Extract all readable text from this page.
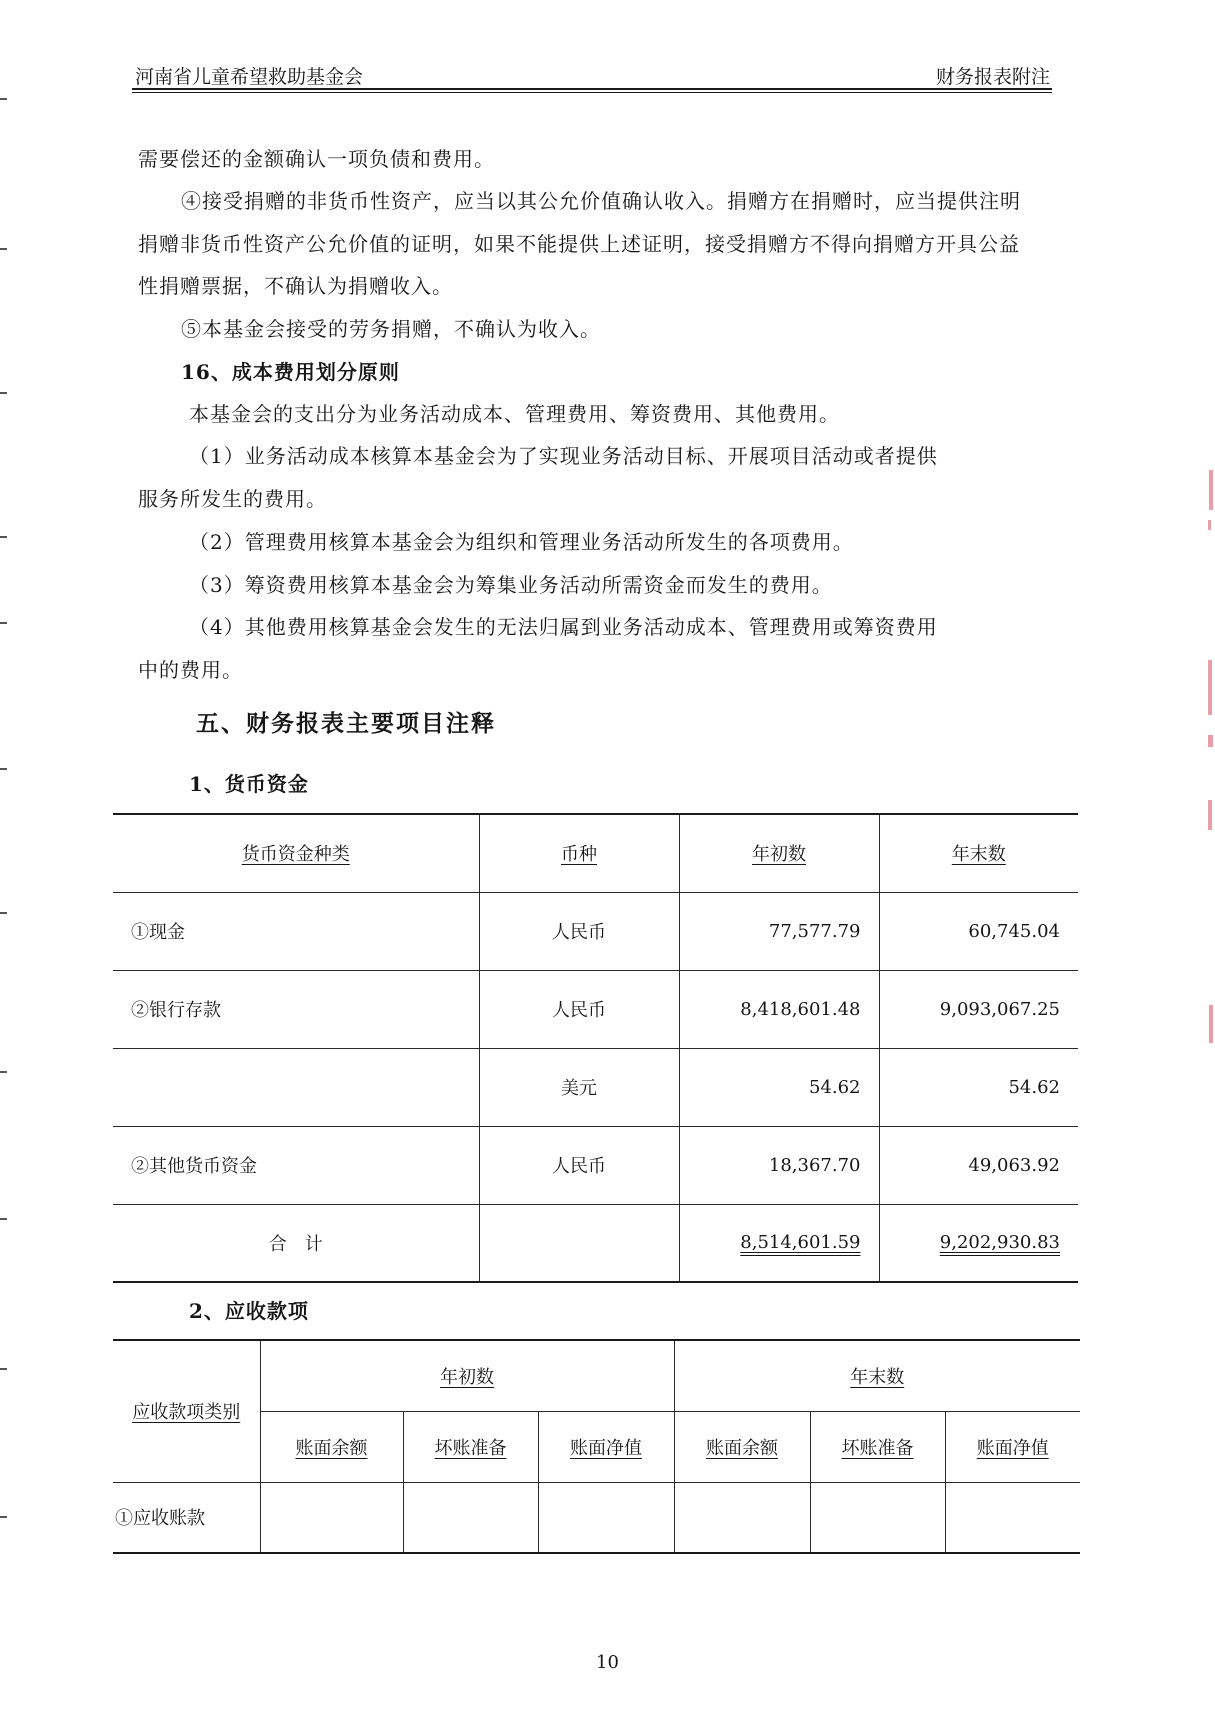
河南省儿童希望救助基金会	财务报表附注
需要偿还的金额确认一项负债和费用。
④接受捐赠的非货币性资产，应当以其公允价值确认收入。捐赠方在捐赠时，应当提供注明
捐赠非货币性资产公允价值的证明，如果不能提供上述证明，接受捐赠方不得向捐赠方开具公益
性捐赠票据，不确认为捐赠收入。
⑤本基金会接受的劳务捐赠，不确认为收入。
16、成本费用划分原则
本基金会的支出分为业务活动成本、管理费用、筹资费用、其他费用。
（1）业务活动成本核算本基金会为了实现业务活动目标、开展项目活动或者提供
服务所发生的费用。
（2）管理费用核算本基金会为组织和管理业务活动所发生的各项费用。
（3）筹资费用核算本基金会为筹集业务活动所需资金而发生的费用。
（4）其他费用核算基金会发生的无法归属到业务活动成本、管理费用或筹资费用
中的费用。
五、财务报表主要项目注释
1、货币资金
货币资金种类	币种	年初数	年末数
①现金	人民币	77,577.79	60,745.04
②银行存款	人民币	8,418,601.48	9,093,067.25
	美元	54.62	54.62
②其他货币资金	人民币	18,367.70	49,063.92
合　计		8,514,601.59	9,202,930.83
2、应收款项
应收款项类别	年初数			年末数		
	账面余额	坏账准备	账面净值	账面余额	坏账准备	账面净值
①应收账款						
10
